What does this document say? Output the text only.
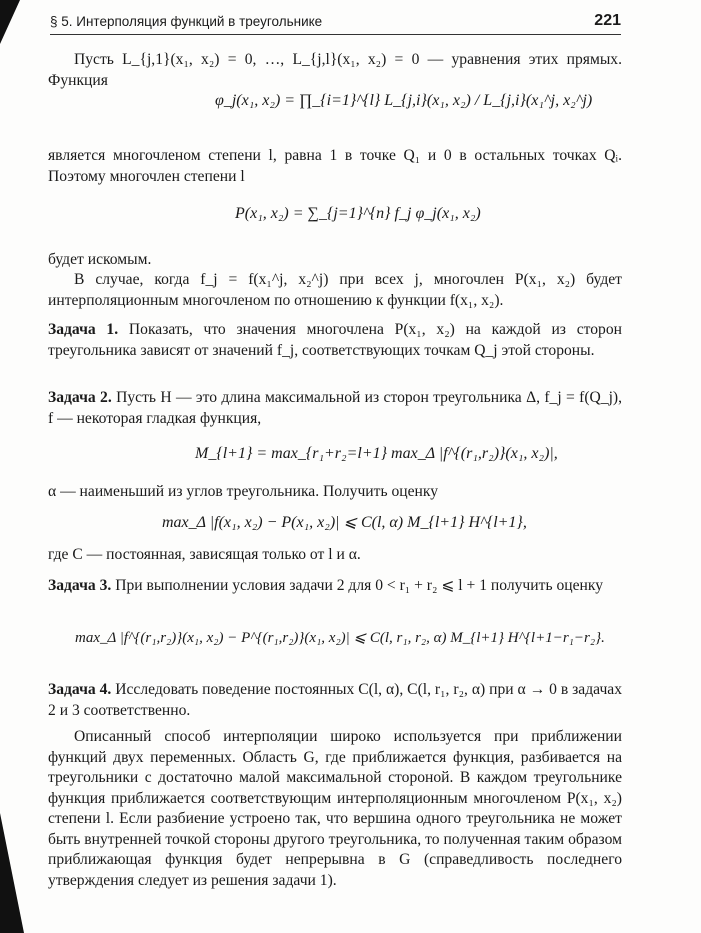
§ 5. Интерполяция функций в треугольнике	221

Пусть L_{j,1}(x₁, x₂) = 0, …, L_{j,l}(x₁, x₂) = 0 — уравнения этих прямых. Функция

φ_j(x₁, x₂) = ∏_{i=1}^{l} L_{j,i}(x₁, x₂) / L_{j,i}(x₁^j, x₂^j)

является многочленом степени l, равна 1 в точке Q₁ и 0 в остальных точках Qᵢ. Поэтому многочлен степени l

P(x₁, x₂) = ∑_{j=1}^{n} f_j φ_j(x₁, x₂)

будет искомым.

В случае, когда f_j = f(x₁^j, x₂^j) при всех j, многочлен P(x₁, x₂) будет интерполяционным многочленом по отношению к функции f(x₁, x₂).

Задача 1. Показать, что значения многочлена P(x₁, x₂) на каждой из сторон треугольника зависят от значений f_j, соответствующих точкам Q_j этой стороны.

Задача 2. Пусть H — это длина максимальной из сторон треугольника Δ, f_j = f(Q_j), f — некоторая гладкая функция,

M_{l+1} = max_{r₁+r₂=l+1} max_Δ |f^{(r₁,r₂)}(x₁, x₂)|,

α — наименьший из углов треугольника. Получить оценку

max_Δ |f(x₁, x₂) − P(x₁, x₂)| ⩽ C(l, α) M_{l+1} H^{l+1},

где C — постоянная, зависящая только от l и α.

Задача 3. При выполнении условия задачи 2 для 0 < r₁ + r₂ ⩽ l + 1 получить оценку

max_Δ |f^{(r₁,r₂)}(x₁, x₂) − P^{(r₁,r₂)}(x₁, x₂)| ⩽ C(l, r₁, r₂, α) M_{l+1} H^{l+1−r₁−r₂}.

Задача 4. Исследовать поведение постоянных C(l, α), C(l, r₁, r₂, α) при α → 0 в задачах 2 и 3 соответственно.

Описанный способ интерполяции широко используется при приближении функций двух переменных. Область G, где приближается функция, разбивается на треугольники с достаточно малой максимальной стороной. В каждом треугольнике функция приближается соответствующим интерполяционным многочленом P(x₁, x₂) степени l. Если разбиение устроено так, что вершина одного треугольника не может быть внутренней точкой стороны другого треугольника, то полученная таким образом приближающая функция будет непрерывна в G (справедливость последнего утверждения следует из решения задачи 1).
